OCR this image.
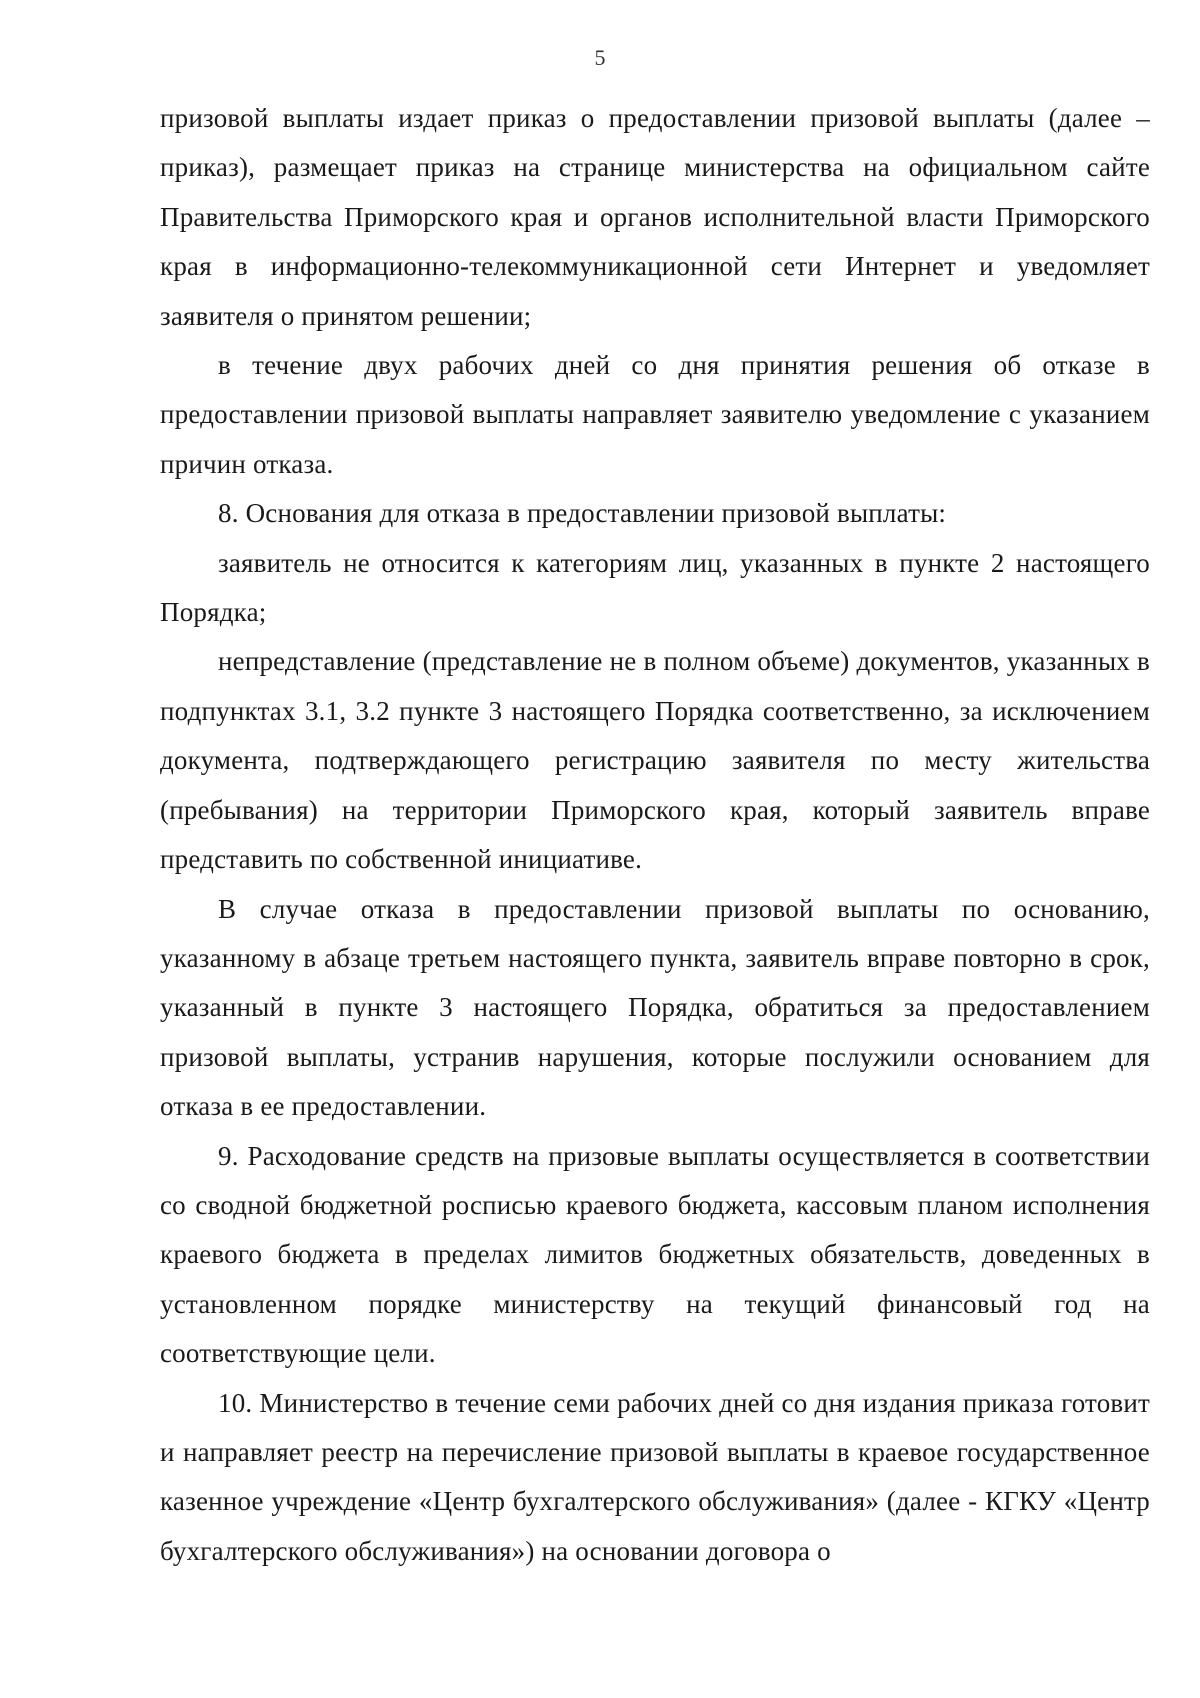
5

призовой выплаты издает приказ о предоставлении призовой выплаты (далее – приказ), размещает приказ на странице министерства на официальном сайте Правительства Приморского края и органов исполнительной власти Приморского края в информационно-телекоммуникационной сети Интернет и уведомляет заявителя о принятом решении;

в течение двух рабочих дней со дня принятия решения об отказе в предоставлении призовой выплаты направляет заявителю уведомление с указанием причин отказа.

8. Основания для отказа в предоставлении призовой выплаты:

заявитель не относится к категориям лиц, указанных в пункте 2 настоящего Порядка;

непредставление (представление не в полном объеме) документов, указанных в подпунктах 3.1, 3.2 пункте 3 настоящего Порядка соответственно, за исключением документа, подтверждающего регистрацию заявителя по месту жительства (пребывания) на территории Приморского края, который заявитель вправе представить по собственной инициативе.

В случае отказа в предоставлении призовой выплаты по основанию, указанному в абзаце третьем настоящего пункта, заявитель вправе повторно в срок, указанный в пункте 3 настоящего Порядка, обратиться за предоставлением призовой выплаты, устранив нарушения, которые послужили основанием для отказа в ее предоставлении.

9. Расходование средств на призовые выплаты осуществляется в соответствии со сводной бюджетной росписью краевого бюджета, кассовым планом исполнения краевого бюджета в пределах лимитов бюджетных обязательств, доведенных в установленном порядке министерству на текущий финансовый год на соответствующие цели.

10. Министерство в течение семи рабочих дней со дня издания приказа готовит и направляет реестр на перечисление призовой выплаты в краевое государственное казенное учреждение «Центр бухгалтерского обслуживания» (далее - КГКУ «Центр бухгалтерского обслуживания») на основании договора о
